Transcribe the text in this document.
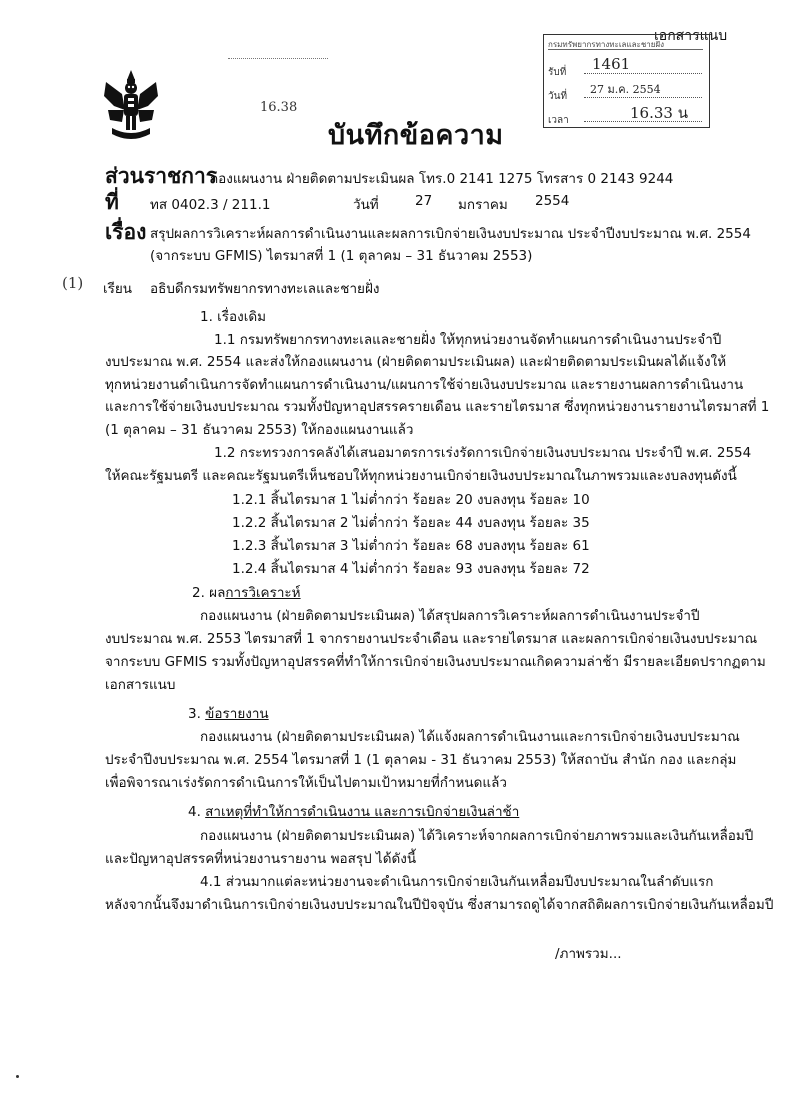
เอกสารแนบ
กรมทรัพยากรทางทะเลและชายฝั่ง
รับที่ 1461
วันที่
27 ม.ค. 2554
เวลา	16.33 น
16.38
บันทึกข้อความ
ส่วนราชการ
กองแผนงาน ฝ่ายติดตามประเมินผล โทร.0 2141 1275 โทรสาร 0 2143 9244
ที่ ทส 0402.3 / 211.1	วันที่	27 มกราคม 2554
เรื่อง สรุปผลการวิเคราะห์ผลการดำเนินงานและผลการเบิกจ่ายเงินงบประมาณ ประจำปีงบประมาณ พ.ศ. 2554
(จากระบบ GFMIS) ไตรมาสที่ 1 (1 ตุลาคม – 31 ธันวาคม 2553)
(1) เรียน อธิบดีกรมทรัพยากรทางทะเลและชายฝั่ง
1. เรื่องเดิม
1.1 กรมทรัพยากรทางทะเลและชายฝั่ง ให้ทุกหน่วยงานจัดทำแผนการดำเนินงานประจำปี
งบประมาณ พ.ศ. 2554 และส่งให้กองแผนงาน (ฝ่ายติดตามประเมินผล) และฝ่ายติดตามประเมินผลได้แจ้งให้
ทุกหน่วยงานดำเนินการจัดทำแผนการดำเนินงาน/แผนการใช้จ่ายเงินงบประมาณ และรายงานผลการดำเนินงาน
และการใช้จ่ายเงินงบประมาณ รวมทั้งปัญหาอุปสรรครายเดือน และรายไตรมาส ซึ่งทุกหน่วยงานรายงานไตรมาสที่ 1
(1 ตุลาคม – 31 ธันวาคม 2553) ให้กองแผนงานแล้ว
1.2 กระทรวงการคลังได้เสนอมาตรการเร่งรัดการเบิกจ่ายเงินงบประมาณ ประจำปี พ.ศ. 2554
ให้คณะรัฐมนตรี และคณะรัฐมนตรีเห็นชอบให้ทุกหน่วยงานเบิกจ่ายเงินงบประมาณในภาพรวมและงบลงทุนดังนี้
1.2.1 สิ้นไตรมาส 1 ไม่ต่ำกว่า ร้อยละ 20 งบลงทุน ร้อยละ 10
1.2.2 สิ้นไตรมาส 2 ไม่ต่ำกว่า ร้อยละ 44 งบลงทุน ร้อยละ 35
1.2.3 สิ้นไตรมาส 3 ไม่ต่ำกว่า ร้อยละ 68 งบลงทุน ร้อยละ 61
1.2.4 สิ้นไตรมาส 4 ไม่ต่ำกว่า ร้อยละ 93 งบลงทุน ร้อยละ 72
2. ผลการวิเคราะห์
กองแผนงาน (ฝ่ายติดตามประเมินผล) ได้สรุปผลการวิเคราะห์ผลการดำเนินงานประจำปี
งบประมาณ พ.ศ. 2553 ไตรมาสที่ 1 จากรายงานประจำเดือน และรายไตรมาส และผลการเบิกจ่ายเงินงบประมาณ
จากระบบ GFMIS รวมทั้งปัญหาอุปสรรคที่ทำให้การเบิกจ่ายเงินงบประมาณเกิดความล่าช้า มีรายละเอียดปรากฏตาม
เอกสารแนบ
3. ข้อรายงาน
กองแผนงาน (ฝ่ายติดตามประเมินผล) ได้แจ้งผลการดำเนินงานและการเบิกจ่ายเงินงบประมาณ
ประจำปีงบประมาณ พ.ศ. 2554 ไตรมาสที่ 1 (1 ตุลาคม - 31 ธันวาคม 2553) ให้สถาบัน สำนัก กอง และกลุ่ม
เพื่อพิจารณาเร่งรัดการดำเนินการให้เป็นไปตามเป้าหมายที่กำหนดแล้ว
4. สาเหตุที่ทำให้การดำเนินงาน และการเบิกจ่ายเงินล่าช้า
กองแผนงาน (ฝ่ายติดตามประเมินผล) ได้วิเคราะห์จากผลการเบิกจ่ายภาพรวมและเงินกันเหลื่อมปี
และปัญหาอุปสรรคที่หน่วยงานรายงาน พอสรุป ได้ดังนี้
4.1 ส่วนมากแต่ละหน่วยงานจะดำเนินการเบิกจ่ายเงินกันเหลื่อมปีงบประมาณในลำดับแรก
หลังจากนั้นจึงมาดำเนินการเบิกจ่ายเงินงบประมาณในปีปัจจุบัน ซึ่งสามารถดูได้จากสถิติผลการเบิกจ่ายเงินกันเหลื่อมปี
/ภาพรวม...
